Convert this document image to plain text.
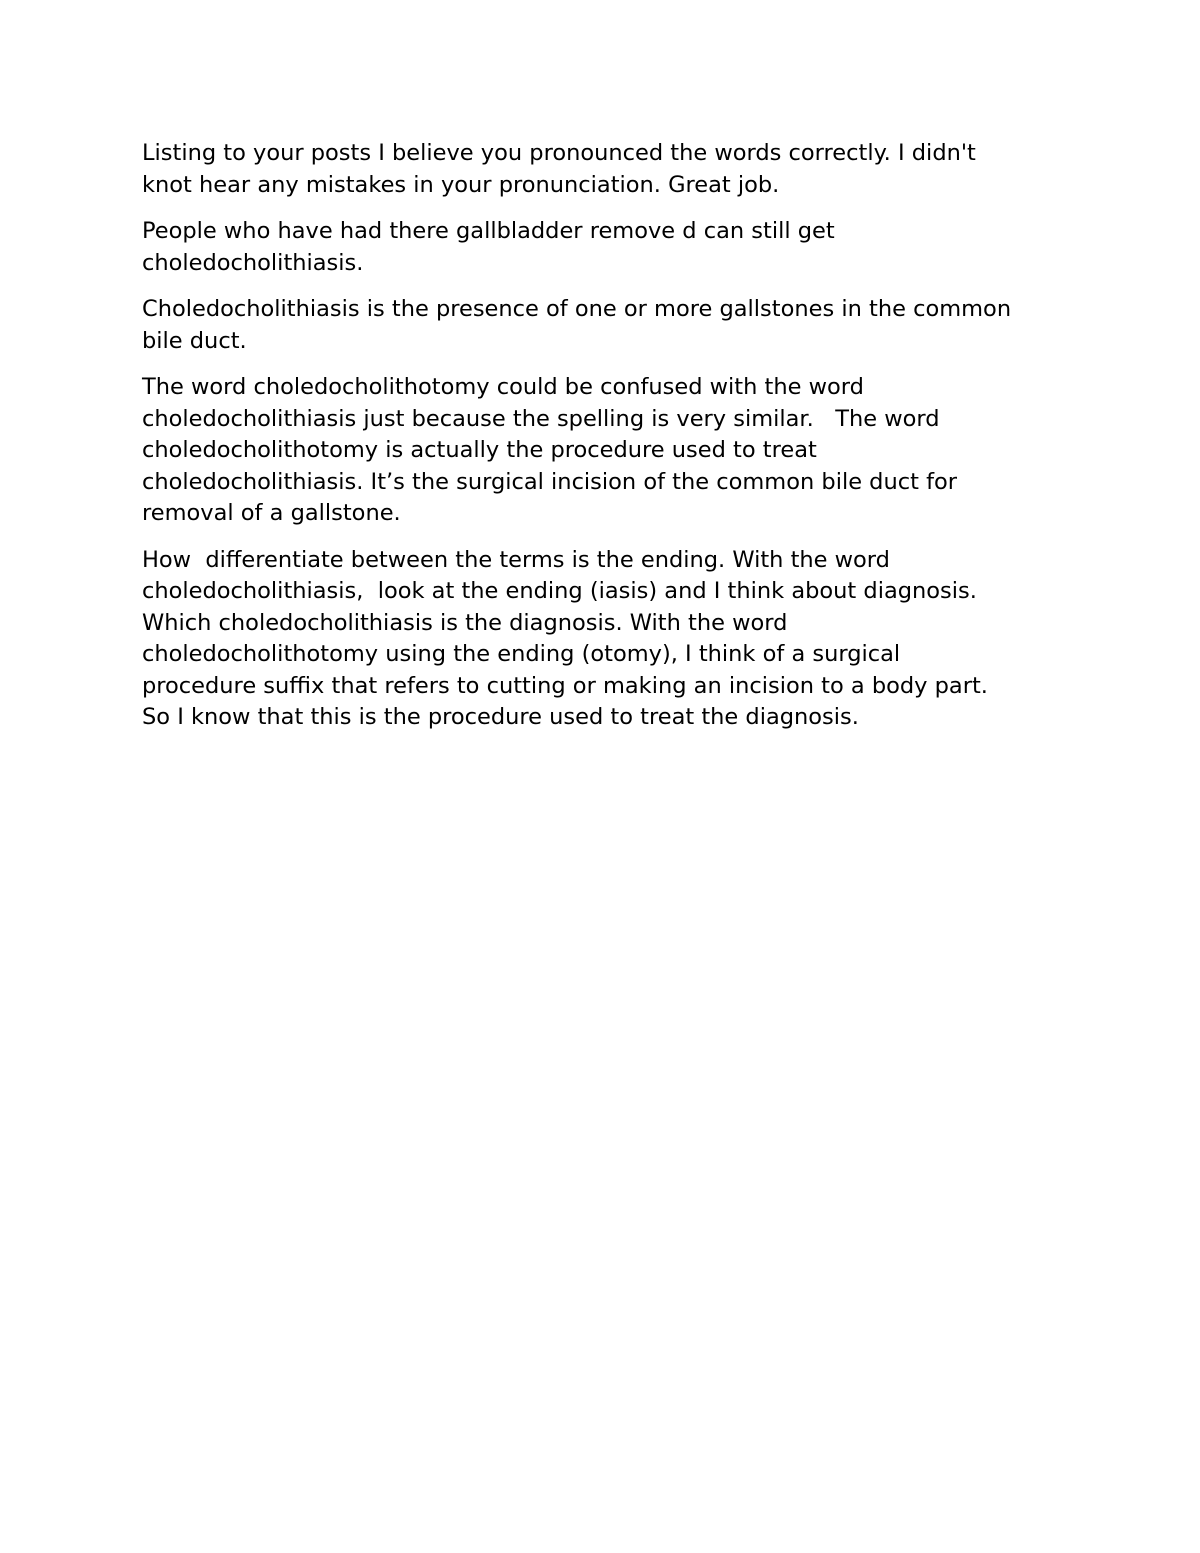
Listing to your posts I believe you pronounced the words correctly. I didn't
knot hear any mistakes in your pronunciation. Great job.

People who have had there gallbladder remove d can still get
choledocholithiasis.

Choledocholithiasis is the presence of one or more gallstones in the common
bile duct.

The word choledocholithotomy could be confused with the word
choledocholithiasis just because the spelling is very similar.   The word
choledocholithotomy is actually the procedure used to treat
choledocholithiasis. It’s the surgical incision of the common bile duct for
removal of a gallstone.

How  differentiate between the terms is the ending. With the word
choledocholithiasis,  look at the ending (iasis) and I think about diagnosis.
Which choledocholithiasis is the diagnosis. With the word
choledocholithotomy using the ending (otomy), I think of a surgical
procedure suffix that refers to cutting or making an incision to a body part.
So I know that this is the procedure used to treat the diagnosis.
